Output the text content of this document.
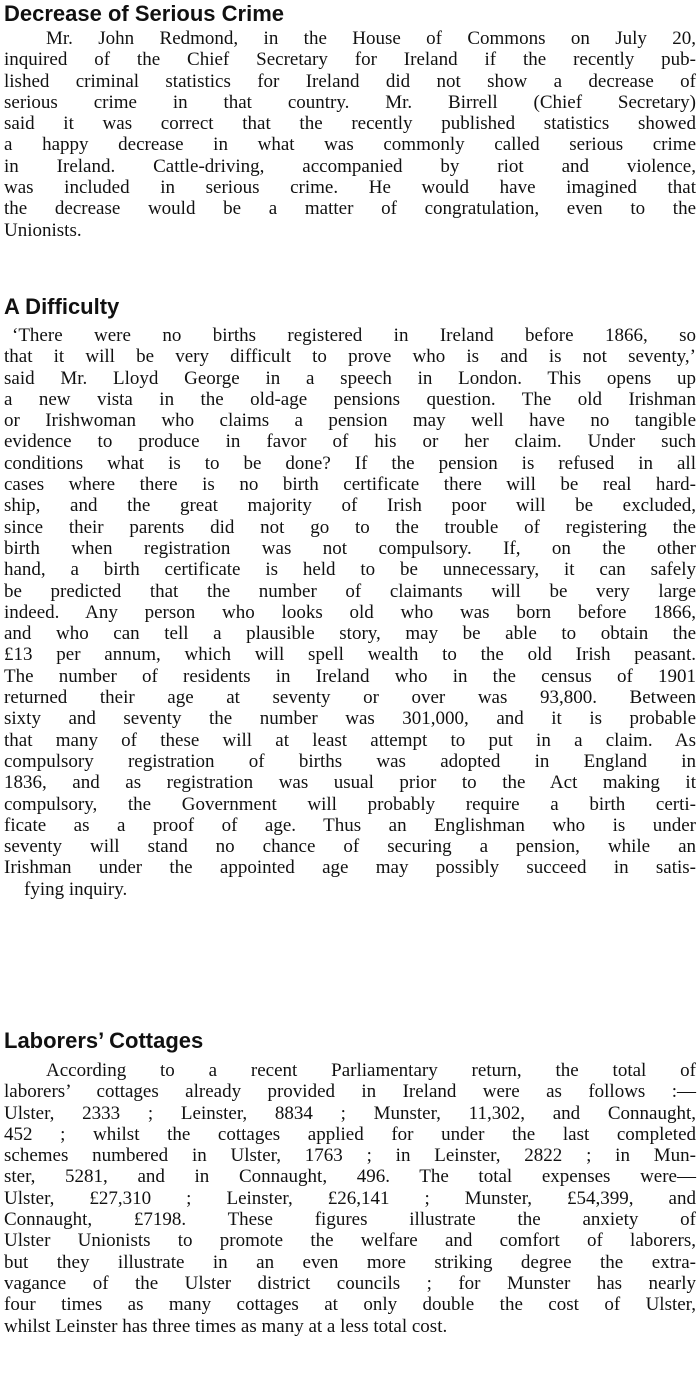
Decrease of Serious Crime

Mr. John Redmond, in the House of Commons on July 20,
inquired of the Chief Secretary for Ireland if the recently pub-
lished criminal statistics for Ireland did not show a decrease of
serious crime in that country. Mr. Birrell (Chief Secretary)
said it was correct that the recently published statistics showed
a happy decrease in what was commonly called serious crime
in Ireland. Cattle-driving, accompanied by riot and violence,
was included in serious crime. He would have imagined that
the decrease would be a matter of congratulation, even to the
Unionists.

A Difficulty

‘There were no births registered in Ireland before 1866, so
that it will be very difficult to prove who is and is not seventy,’
said Mr. Lloyd George in a speech in London. This opens up
a new vista in the old-age pensions question. The old Irishman
or Irishwoman who claims a pension may well have no tangible
evidence to produce in favor of his or her claim. Under such
conditions what is to be done? If the pension is refused in all
cases where there is no birth certificate there will be real hard-
ship, and the great majority of Irish poor will be excluded,
since their parents did not go to the trouble of registering the
birth when registration was not compulsory. If, on the other
hand, a birth certificate is held to be unnecessary, it can safely
be predicted that the number of claimants will be very large
indeed. Any person who looks old who was born before 1866,
and who can tell a plausible story, may be able to obtain the
£13 per annum, which will spell wealth to the old Irish peasant.
The number of residents in Ireland who in the census of 1901
returned their age at seventy or over was 93,800. Between
sixty and seventy the number was 301,000, and it is probable
that many of these will at least attempt to put in a claim. As
compulsory registration of births was adopted in England in
1836, and as registration was usual prior to the Act making it
compulsory, the Government will probably require a birth certi-
ficate as a proof of age. Thus an Englishman who is under
seventy will stand no chance of securing a pension, while an
Irishman under the appointed age may possibly succeed in satis-
fying inquiry.

Laborers’ Cottages

According to a recent Parliamentary return, the total of
laborers’ cottages already provided in Ireland were as follows :—
Ulster, 2333 ; Leinster, 8834 ; Munster, 11,302, and Connaught,
452 ; whilst the cottages applied for under the last completed
schemes numbered in Ulster, 1763 ; in Leinster, 2822 ; in Mun-
ster, 5281, and in Connaught, 496. The total expenses were—
Ulster, £27,310 ; Leinster, £26,141 ; Munster, £54,399, and
Connaught, £7198. These figures illustrate the anxiety of
Ulster Unionists to promote the welfare and comfort of laborers,
but they illustrate in an even more striking degree the extra-
vagance of the Ulster district councils ; for Munster has nearly
four times as many cottages at only double the cost of Ulster,
whilst Leinster has three times as many at a less total cost.
